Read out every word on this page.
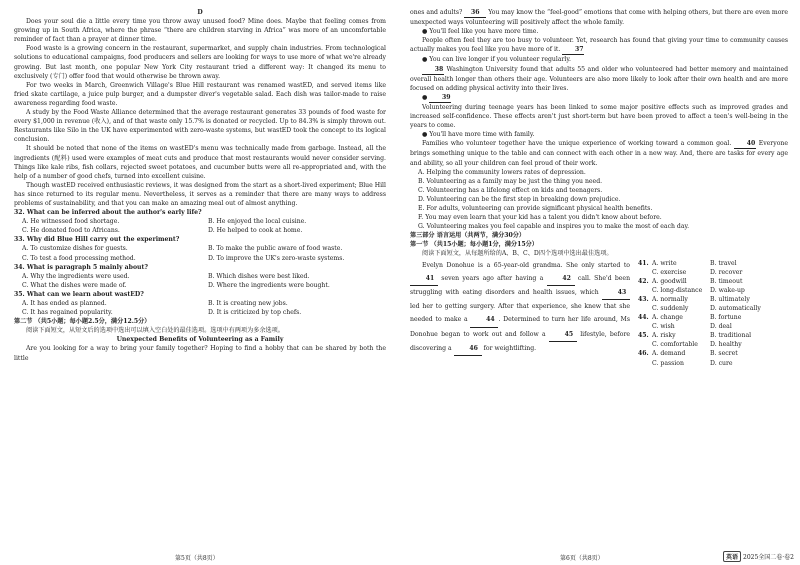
D

Does your soul die a little every time you throw away unused food? Mine does. Maybe that feeling comes from growing up in South Africa, where the phrase “there are children starving in Africa” was more of an uncomfortable reminder of fact than a prayer at dinner time.

Food waste is a growing concern in the restaurant, supermarket, and supply chain industries. From technological solutions to educational campaigns, food producers and sellers are looking for ways to use more of what we're already growing. But last month, one popular New York City restaurant tried a different way: It changed its menu to exclusively (专门) offer food that would otherwise be thrown away.

For two weeks in March, Greenwich Village's Blue Hill restaurant was renamed wastED, and served items like fried skate cartilage, a juice pulp burger, and a dumpster diver's vegetable salad. Each dish was tailor-made to raise awareness regarding food waste.

A study by the Food Waste Alliance determined that the average restaurant generates 33 pounds of food waste for every $1,000 in revenue (收入), and of that waste only 15.7% is donated or recycled. Up to 84.3% is simply thrown out. Restaurants like Silo in the UK have experimented with zero-waste systems, but wastED took the concept to its logical conclusion.

It should be noted that none of the items on wastED's menu was technically made from garbage. Instead, all the ingredients (配料) used were examples of meat cuts and produce that most restaurants would never consider serving. Things like kale ribs, fish collars, rejected sweet potatoes, and cucumber butts were all re-appropriated and, with the help of a number of good chefs, turned into excellent cuisine.

Though wastED received enthusiastic reviews, it was designed from the start as a short-lived experiment; Blue Hill has since returned to its regular menu. Nevertheless, it serves as a reminder that there are many ways to address problems of sustainability, and that you can make an amazing meal out of almost anything.

32. What can be inferred about the author's early life?

A. He witnessed food shortage.	B. He enjoyed the local cuisine.
C. He donated food to Africans.	D. He helped to cook at home.

33. Why did Blue Hill carry out the experiment?

A. To customize dishes for guests.	B. To make the public aware of food waste.
C. To test a food processing method.	D. To improve the UK's zero-waste systems.

34. What is paragraph 5 mainly about?

A. Why the ingredients were used.	B. Which dishes were best liked.
C. What the dishes were made of.	D. Where the ingredients were bought.

35. What can we learn about wastED?

A. It has ended as planned.	B. It is creating new jobs.
C. It has regained popularity.	D. It is criticized by top chefs.

第二节 （共5小题；每小题2.5分，满分12.5分）

阅读下面短文，从短文后的选项中选出可以填入空白处的最佳选项。选项中有两项为多余选项。

Unexpected Benefits of Volunteering as a Family

Are you looking for a way to bring your family together? Hoping to find a hobby that can be shared by both the little

第5页（共8页）

ones and adults? 36 You may know the “feel-good” emotions that come with helping others, but there are even more unexpected ways volunteering will positively affect the whole family.

● You'll feel like you have more time.

People often feel they are too busy to volunteer. Yet, research has found that giving your time to community causes actually makes you feel like you have more of it. 37

● You can live longer if you volunteer regularly.

38 Washington University found that adults 55 and older who volunteered had better memory and maintained overall health longer than others their age. Volunteers are also more likely to look after their own health and are more focused on adding physical activity into their lives.

● 39

Volunteering during teenage years has been linked to some major positive effects such as improved grades and increased self-confidence. These effects aren't just short-term but have been proved to affect a teen's well-being in the years to come.

● You'll have more time with family.

Families who volunteer together have the unique experience of working toward a common goal.	40 Everyone brings something unique to the table and can connect with each other in a new way. And, there are tasks for every age and ability, so all your children can feel proud of their work.

A. Helping the community lowers rates of depression.

B. Volunteering as a family may be just the thing you need.

C. Volunteering has a lifelong effect on kids and teenagers.

D. Volunteering can be the first step in breaking down prejudice.

E. For adults, volunteering can provide significant physical health benefits.

F. You may even learn that your kid has a talent you didn't know about before.

G. Volunteering makes you feel capable and inspires you to make the most of each day.

第三部分 语言运用（共两节，满分30分）

第一节 （共15小题；每小题1分，满分15分）

阅读下面短文，从每题所给的A、B、C、D四个选项中选出最佳选项。

Evelyn Donohue is a 65-year-old grandma. She only started to 41 seven years ago after having a	42 call. She'd been struggling with eating disorders and health issues, which	43 led her to getting surgery. After that experience, she knew that she needed to make a	44 . Determined to turn her life around, Ms Donohue began to work out and follow a	45 lifestyle, before discovering a	46 for weightlifting.

41. A. write	B. travel
C. exercise	D. recover
42. A. goodwill	B. timeout
C. long-distance	D. wake-up
43. A. normally	B. ultimately
C. suddenly	D. automatically
44. A. change	B. fortune
C. wish	D. deal
45. A. risky	B. traditional
C. comfortable	D. healthy
46. A. demand	B. secret
C. passion	D. cure
第6页（共8页）	英语 2025全国二卷·卷2
